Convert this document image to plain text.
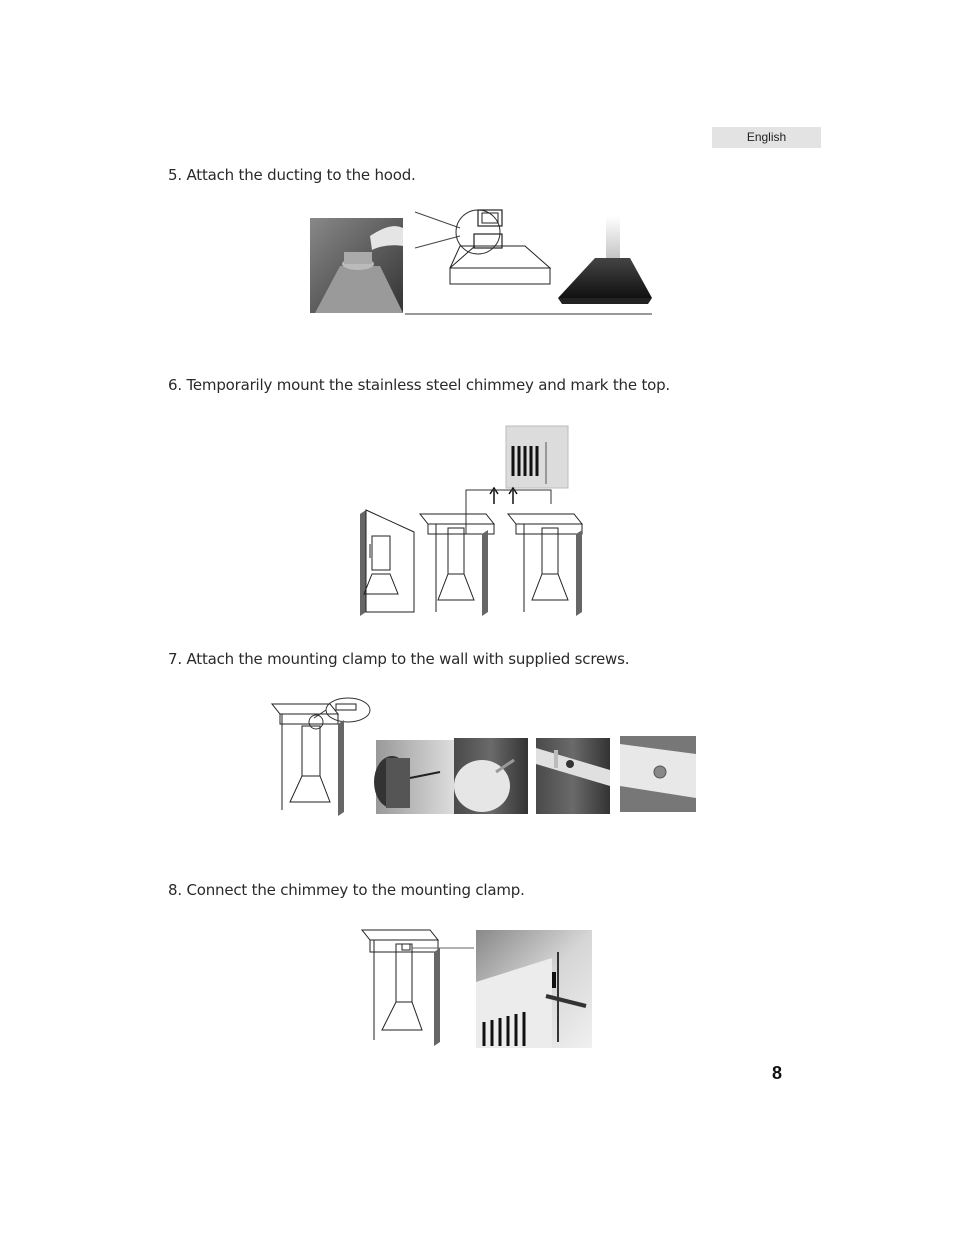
English
5. Attach the ducting to the hood.
6. Temporarily mount the stainless steel chimmey and mark the top.
7. Attach the mounting clamp to the wall with supplied screws.
8. Connect the chimmey to the mounting clamp.
8
